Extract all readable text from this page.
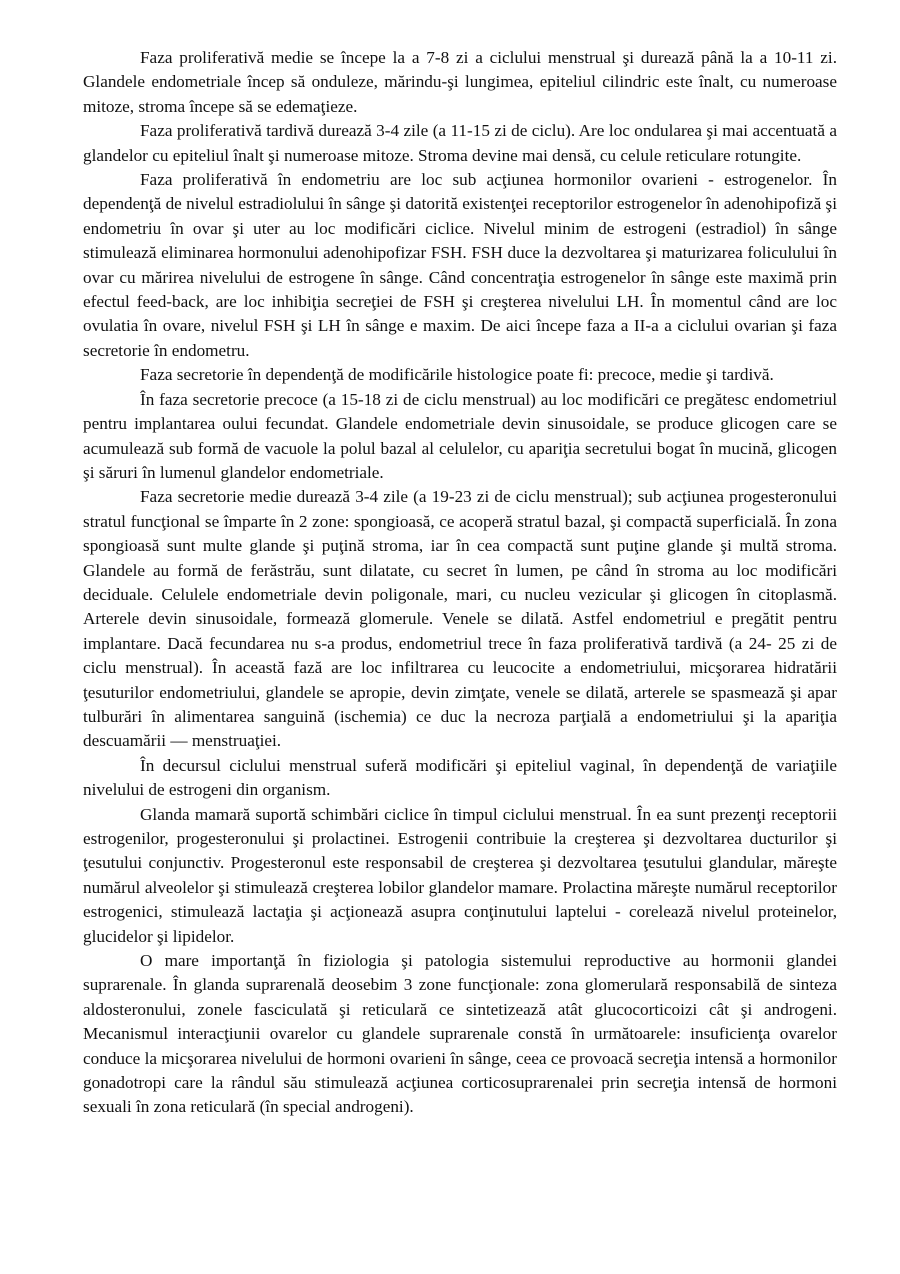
Faza proliferativă medie se începe la a 7-8 zi a ciclului menstrual şi durează până la a 10-11 zi. Glandele endometriale încep să onduleze, mărindu-şi lungimea, epiteliul cilindric este înalt, cu numeroase mitoze, stroma începe să se edemaţieze.

Faza proliferativă tardivă durează 3-4 zile (a 11-15 zi de ciclu). Are loc ondularea şi mai accentuată a glandelor cu epiteliul înalt şi numeroase mitoze. Stroma devine mai densă, cu celule reticulare rotungite.

Faza proliferativă în endometriu are loc sub acţiunea hormonilor ovarieni - estrogenelor. În dependenţă de nivelul estradiolului în sânge şi datorită existenţei receptorilor estrogenelor în adenohipofiză şi endometriu în ovar şi uter au loc modificări ciclice. Nivelul minim de estrogeni (estradiol) în sânge stimulează eliminarea hormonului adenohipofizar FSH. FSH duce la dezvoltarea şi maturizarea foliculului în ovar cu mărirea nivelului de estrogene în sânge. Când concentraţia estrogenelor în sânge este maximă prin efectul feed-back, are loc inhibiţia secreţiei de FSH şi creşterea nivelului LH. În momentul când are loc ovulatia în ovare, nivelul FSH şi LH în sânge e maxim. De aici începe faza a II-a a ciclului ovarian şi faza secretorie în endometru.

Faza secretorie în dependenţă de modificările histologice poate fi: precoce, medie şi tardivă.

În faza secretorie precoce (a 15-18 zi de ciclu menstrual) au loc modificări ce pregătesc endometriul pentru implantarea oului fecundat. Glandele endometriale devin sinusoidale, se produce glicogen care se acumulează sub formă de vacuole la polul bazal al celulelor, cu apariţia secretului bogat în mucină, glicogen şi săruri în lumenul glandelor endometriale.

Faza secretorie medie durează 3-4 zile (a 19-23 zi de ciclu menstrual); sub acţiunea progesteronului stratul funcţional se împarte în 2 zone: spongioasă, ce acoperă stratul bazal, şi compactă superficială. În zona spongioasă sunt multe glande şi puţină stroma, iar în cea compactă sunt puţine glande şi multă stroma. Glandele au formă de ferăstrău, sunt dilatate, cu secret în lumen, pe când în stroma au loc modificări deciduale. Celulele endometriale devin poligonale, mari, cu nucleu vezicular şi glicogen în citoplasmă. Arterele devin sinusoidale, formează glomerule. Venele se dilată. Astfel endometriul e pregătit pentru implantare. Dacă fecundarea nu s-a produs, endometriul trece în faza proliferativă tardivă (a 24- 25 zi de ciclu menstrual). În această fază are loc infiltrarea cu leucocite a endometriului, micşorarea hidratării ţesuturilor endometriului, glandele se apropie, devin zimţate, venele se dilată, arterele se spasmează şi apar tulburări în alimentarea sanguină (ischemia) ce duc la necroza parţială a endometriului şi la apariţia descuamării — menstruaţiei.

În decursul ciclului menstrual suferă modificări şi epiteliul vaginal, în dependenţă de variaţiile nivelului de estrogeni din organism.

Glanda mamară suportă schimbări ciclice în timpul ciclului menstrual. În ea sunt prezenţi receptorii estrogenilor, progesteronului şi prolactinei. Estrogenii contribuie la creşterea şi dezvoltarea ducturilor şi ţesutului conjunctiv. Progesteronul este responsabil de creşterea şi dezvoltarea ţesutului glandular, măreşte numărul alveolelor şi stimulează creşterea lobilor glandelor mamare. Prolactina măreşte numărul receptorilor estrogenici, stimulează lactaţia şi acţionează asupra conţinutului laptelui - corelează nivelul proteinelor, glucidelor şi lipidelor.

O mare importanţă în fiziologia şi patologia sistemului reproductive au hormonii glandei suprarenale. În glanda suprarenală deosebim 3 zone funcţionale: zona glomerulară responsabilă de sinteza aldosteronului, zonele fasciculată şi reticulară ce sintetizează atât glucocorticoizi cât şi androgeni. Mecanismul interacţiunii ovarelor cu glandele suprarenale constă în următoarele: insuficienţa ovarelor conduce la micşorarea nivelului de hormoni ovarieni în sânge, ceea ce provoacă secreţia intensă a hormonilor gonadotropi care la rândul său stimulează acţiunea corticosuprarenalei prin secreţia intensă de hormoni sexuali în zona reticulară (în special androgeni).
